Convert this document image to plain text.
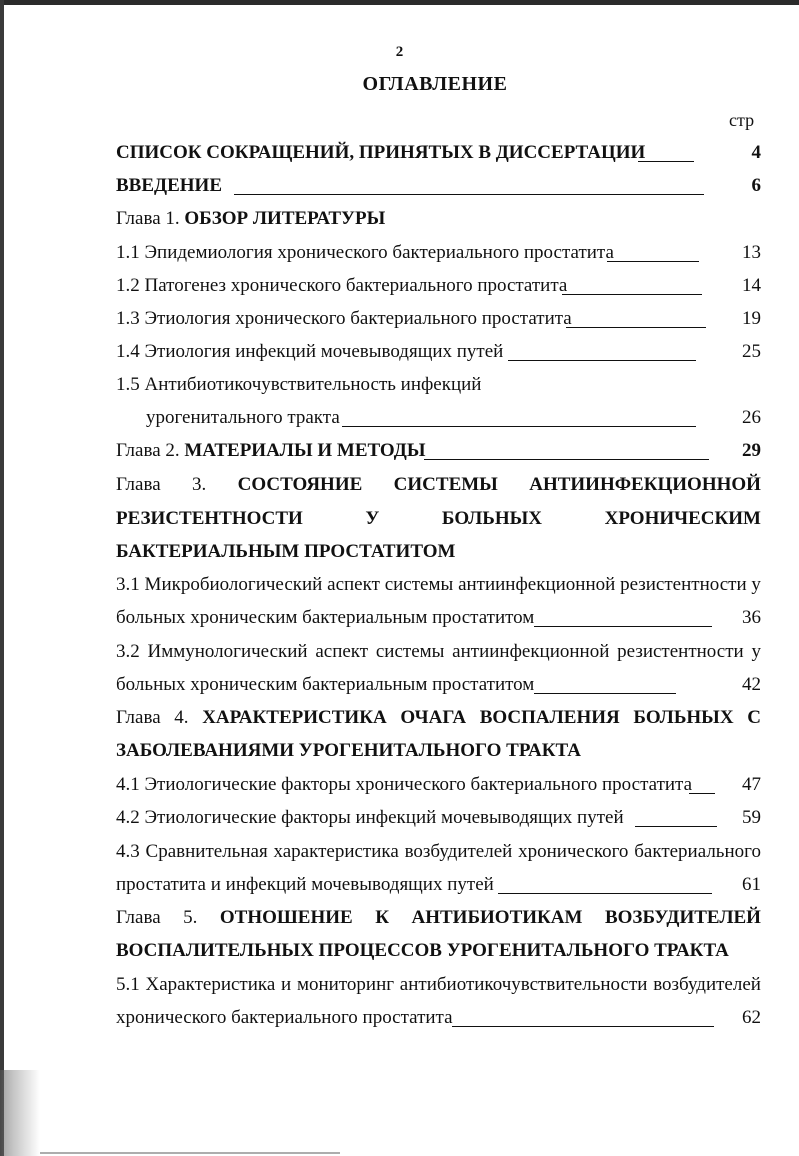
2
ОГЛАВЛЕНИЕ
стр
СПИСОК СОКРАЩЕНИЙ, ПРИНЯТЫХ В ДИССЕРТАЦИИ	4
ВВЕДЕНИЕ	6
Глава 1. ОБЗОР ЛИТЕРАТУРЫ
1.1 Эпидемиология хронического бактериального простатита	13
1.2 Патогенез хронического бактериального простатита	14
1.3 Этиология хронического бактериального простатита	19
1.4 Этиология инфекций мочевыводящих путей	25
1.5 Антибиотикочувствительность инфекций
урогенитального тракта	26
Глава 2. МАТЕРИАЛЫ И МЕТОДЫ	29
Глава 3. СОСТОЯНИЕ СИСТЕМЫ АНТИИНФЕКЦИОННОЙ
РЕЗИСТЕНТНОСТИ	У	БОЛЬНЫХ	ХРОНИЧЕСКИМ
БАКТЕРИАЛЬНЫМ ПРОСТАТИТОМ
3.1 Микробиологический аспект системы антиинфекционной резистентности у
больных хроническим бактериальным простатитом	36
3.2 Иммунологический аспект системы антиинфекционной резистентности у
больных хроническим бактериальным простатитом	42
Глава 4. ХАРАКТЕРИСТИКА ОЧАГА ВОСПАЛЕНИЯ БОЛЬНЫХ С
ЗАБОЛЕВАНИЯМИ УРОГЕНИТАЛЬНОГО ТРАКТА
4.1 Этиологические факторы хронического бактериального простатита	47
4.2 Этиологические факторы инфекций мочевыводящих путей	59
4.3 Сравнительная характеристика возбудителей хронического бактериального
простатита и инфекций мочевыводящих путей	61
Глава 5. ОТНОШЕНИЕ К АНТИБИОТИКАМ ВОЗБУДИТЕЛЕЙ
ВОСПАЛИТЕЛЬНЫХ ПРОЦЕССОВ УРОГЕНИТАЛЬНОГО ТРАКТА
5.1 Характеристика и мониторинг антибиотикочувствительности возбудителей
хронического бактериального простатита	62
